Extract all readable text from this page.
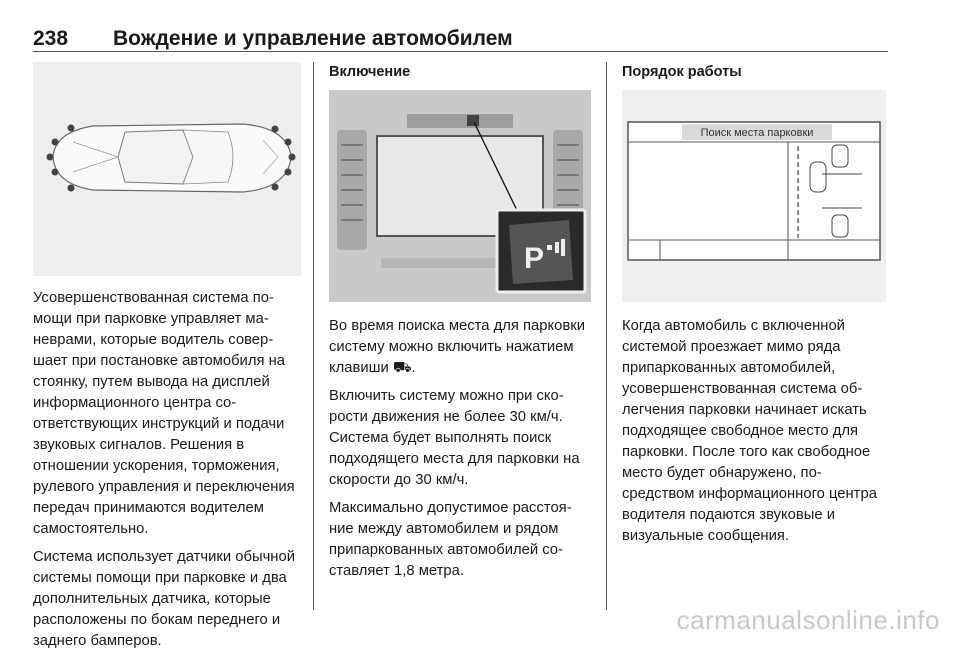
238 Вождение и управление автомобилем

Усовершенствованная система помощи при парковке управляет маневрами, которые водитель совершает при постановке автомобиля на стоянку, путем вывода на дисплей информационного центра соответствующих инструкций и подачи звуковых сигналов. Решения в отношении ускорения, торможения, рулевого управления и переключения передач принимаются водителем самостоятельно.

Система использует датчики обычной системы помощи при парковке и два дополнительных датчика, которые расположены по бокам переднего и заднего бамперов.

Включение
P

Во время поиска места для парковки систему можно включить нажатием клавиши ⛟.

Включить систему можно при скорости движения не более 30 км/ч. Система будет выполнять поиск подходящего места для парковки на скорости до 30 км/ч.

Максимально допустимое расстояние между автомобилем и рядом припаркованных автомобилей составляет 1,8 метра.

Порядок работы
Поиск места парковки

Когда автомобиль с включенной системой проезжает мимо ряда припаркованных автомобилей, усовершенствованная система облегчения парковки начинает искать подходящее свободное место для парковки. После того как свободное место будет обнаружено, посредством информационного центра водителя подаются звуковые и визуальные сообщения.

carmanualsonline.info
